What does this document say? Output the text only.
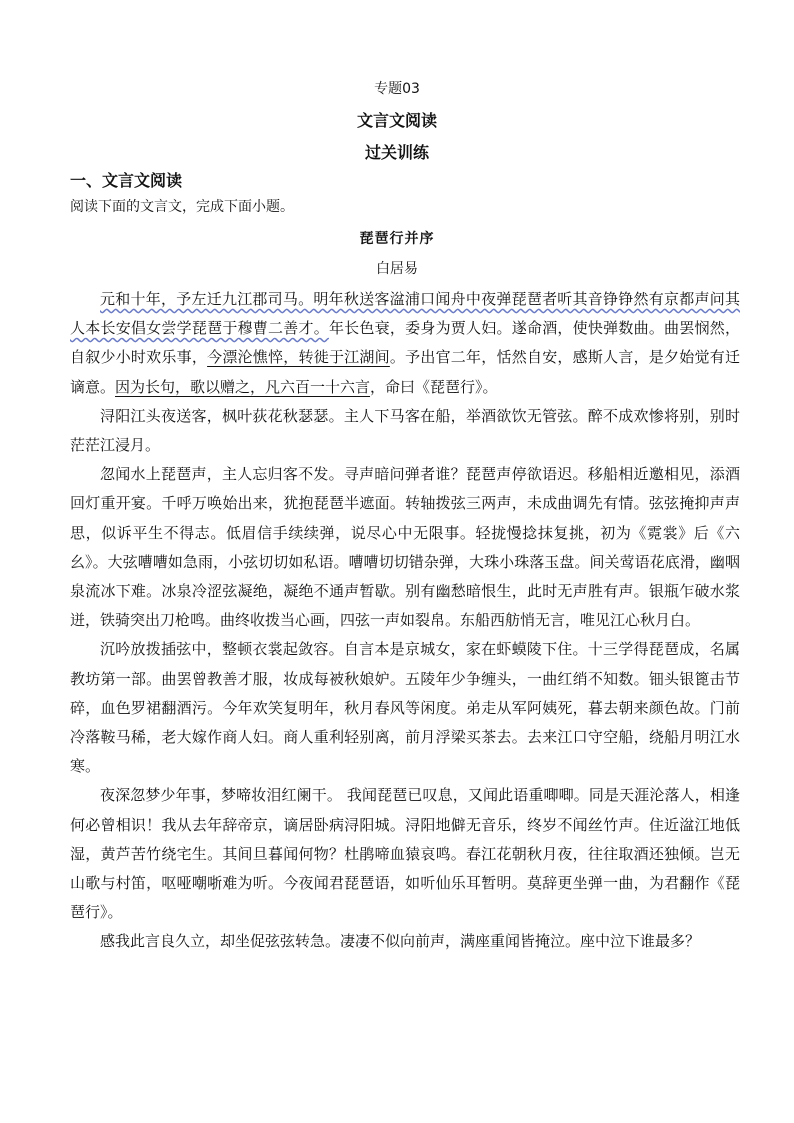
专题03
文言文阅读
过关训练
一、文言文阅读
阅读下面的文言文，完成下面小题。
琵琶行并序
白居易

元和十年，予左迁九江郡司马。明年秋送客湓浦口闻舟中夜弹琵琶者听其音铮铮然有京都声问其人本长安倡女尝学琵琶于穆曹二善才。年长色衰，委身为贾人妇。遂命酒，使快弹数曲。曲罢悯然，自叙少小时欢乐事，今漂沦憔悴，转徙于江湖间。予出官二年，恬然自安，感斯人言，是夕始觉有迁谪意。因为长句，歌以赠之，凡六百一十六言，命曰《琵琶行》。

浔阳江头夜送客，枫叶荻花秋瑟瑟。主人下马客在船，举酒欲饮无管弦。醉不成欢惨将别，别时茫茫江浸月。

忽闻水上琵琶声，主人忘归客不发。寻声暗问弹者谁？琵琶声停欲语迟。移船相近邀相见，添酒回灯重开宴。千呼万唤始出来，犹抱琵琶半遮面。转轴拨弦三两声，未成曲调先有情。弦弦掩抑声声思，似诉平生不得志。低眉信手续续弹，说尽心中无限事。轻拢慢捻抹复挑，初为《霓裳》后《六幺》。大弦嘈嘈如急雨，小弦切切如私语。嘈嘈切切错杂弹，大珠小珠落玉盘。间关莺语花底滑，幽咽泉流冰下难。冰泉冷涩弦凝绝，凝绝不通声暂歇。别有幽愁暗恨生，此时无声胜有声。银瓶乍破水浆迸，铁骑突出刀枪鸣。曲终收拨当心画，四弦一声如裂帛。东船西舫悄无言，唯见江心秋月白。

沉吟放拨插弦中，整顿衣裳起敛容。自言本是京城女，家在虾蟆陵下住。十三学得琵琶成，名属教坊第一部。曲罢曾教善才服，妆成每被秋娘妒。五陵年少争缠头，一曲红绡不知数。钿头银篦击节碎，血色罗裙翻酒污。今年欢笑复明年，秋月春风等闲度。弟走从军阿姨死，暮去朝来颜色故。门前冷落鞍马稀，老大嫁作商人妇。商人重利轻别离，前月浮梁买茶去。去来江口守空船，绕船月明江水寒。

夜深忽梦少年事，梦啼妆泪红阑干。 我闻琵琶已叹息，又闻此语重唧唧。同是天涯沦落人，相逢何必曾相识！我从去年辞帝京，谪居卧病浔阳城。浔阳地僻无音乐，终岁不闻丝竹声。住近湓江地低湿，黄芦苦竹绕宅生。其间旦暮闻何物？杜鹃啼血猿哀鸣。春江花朝秋月夜，往往取酒还独倾。岂无山歌与村笛，呕哑嘲哳难为听。今夜闻君琵琶语，如听仙乐耳暂明。莫辞更坐弹一曲，为君翻作《琵琶行》。

感我此言良久立，却坐促弦弦转急。凄凄不似向前声，满座重闻皆掩泣。座中泣下谁最多？
